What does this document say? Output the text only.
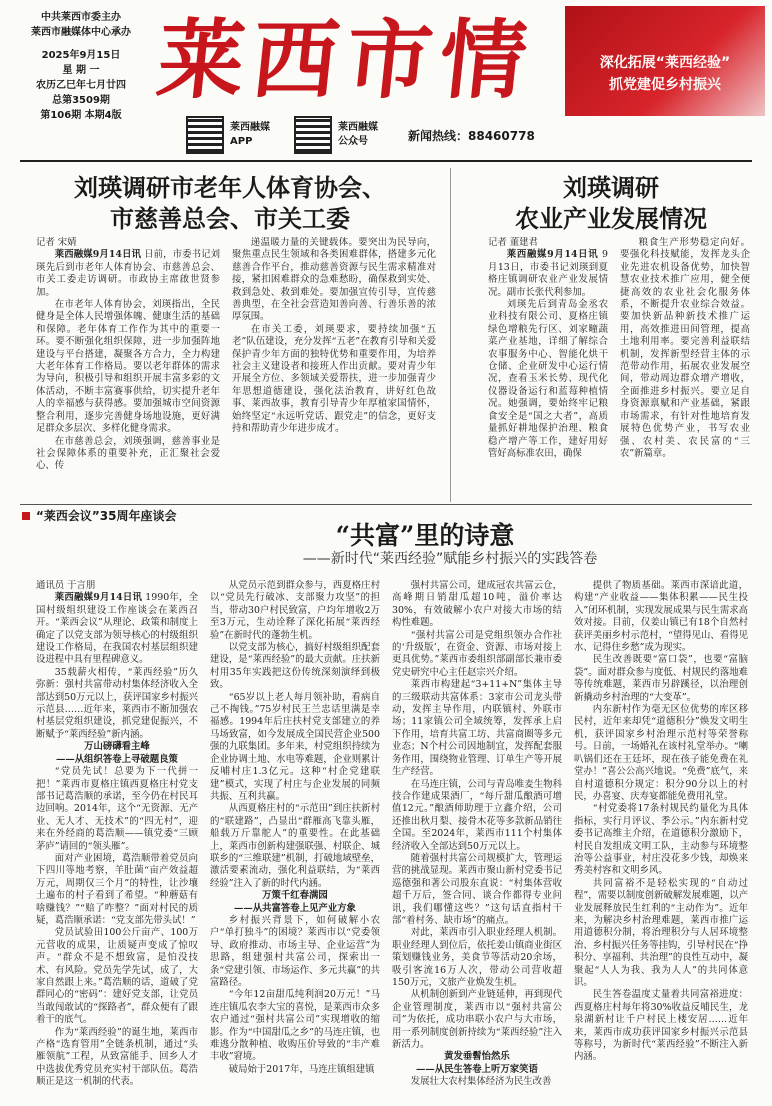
中共莱西市委主办
莱西市融媒体中心承办
2025年9月15日
星 期 一
农历乙巳年七月廿四
总第3509期
第106期 本期4版
莱西市情	深化拓展“莱西经验”
抓党建促乡村振兴
莱西融媒
APP
莱西融媒
公众号	新闻热线：88460778
刘瑛调研市老年人体育协会、
市慈善总会、市关工委

记者 宋婧

莱西融媒9月14日讯 日前，市委书记刘瑛先后到市老年人体育协会、市慈善总会、市关工委走访调研。市政协主席啟世贤参加。

在市老年人体育协会，刘瑛指出，全民健身是全体人民增强体魄、健康生活的基础和保障。老年体育工作作为其中的重要一环。要不断强化组织保障，进一步加强阵地建设与平台搭建，凝聚各方合力，全力构建大老年体育工作格局。要以老年群体的需求为导向，积极引导和组织开展丰富多彩的文体活动，不断丰富赛事供给，切实提升老年人的幸福感与获得感。要加强城市空间资源整合利用，逐步完善健身场地设施，更好满足群众多层次、多样化健身需求。

在市慈善总会，刘瑛强调，慈善事业是社会保障体系的重要补充，正汇聚社会爱心、传

递温暖力量的关键载体。要突出为民导向，聚焦重点民生领域和各类困难群体，搭建多元化慈善合作平台，推动慈善资源与民生需求精准对接，紧扣困难群众的急难愁盼，确保救到实处、救到急处、救到难处。要加强宣传引导，宣传慈善典型，在全社会营造知善向善、行善乐善的浓厚氛围。

在市关工委，刘瑛要求，要持续加强“五老”队伍建设，充分发挥“五老”在教育引导和关爱保护青少年方面的独特优势和重要作用，为培养社会主义建设者和接班人作出贡献。要对青少年开展全方位、多领域关爱帮扶，进一步加强青少年思想道德建设，强化法治教育，讲好红色故事、莱西故事，教育引导青少年厚植家国情怀，始终坚定“永远听党话、跟党走”的信念，更好支持和帮助青少年进步成才。

刘瑛调研
农业产业发展情况

记者 董建君

莱西融媒9月14日讯 9月13日，市委书记刘瑛到夏格庄镇调研农业产业发展情况。副市长张代利参加。

刘瑛先后到青岛金丞农业科技有限公司、夏格庄镇绿色增粮先行区、刘家疃蔬菜产业基地，详细了解综合农事服务中心、智能化烘干仓储、企业研发中心运行情况，查看玉米长势、现代化仪器设备运行和蓝莓种植情况。她强调，要始终牢记粮食安全是“国之大者”，高质量抓好耕地保护治理、粮食稳产增产等工作，建好用好管好高标准农田，确保

粮食生产形势稳定向好。要强化科技赋能，发挥龙头企业先进农机设备优势，加快智慧农业技术推广应用，健全便捷高效的农业社会化服务体系，不断提升农业综合效益。要加快新品种新技术推广运用，高效推进田间管理，提高土地利用率。要完善利益联结机制，发挥新型经营主体的示范带动作用，拓展农业发展空间，带动周边群众增产增收，全面推进乡村振兴。要立足自身资源禀赋和产业基础，紧跟市场需求，有针对性地培育发展特色优势产业，书写农业强、农村美、农民富的“三农”新篇章。

“莱西会议”35周年座谈会
“共富”里的诗意
——新时代“莱西经验”赋能乡村振兴的实践答卷

通讯员 于言朋

莱西融媒9月14日讯 1990年，全国村级组织建设工作座谈会在莱西召开。“莱西会议”从理论、政策和制度上确定了以党支部为领导核心的村级组织建设工作格局，在我国农村基层组织建设进程中具有里程碑意义。

35载薪火相传，“莱西经验”历久弥新：强村共富带动村集体经济收入全部达到50万元以上，获评国家乡村振兴示范县……近年来，莱西市不断加强农村基层党组织建设，抓党建促振兴，不断赋予“莱西经验”新内涵。

万山磅礴看主峰

——从组织答卷上寻破题良策

“党员先试！总要为下一代拼一把！”莱西市夏格庄镇西夏格庄村党支部书记葛浩顺的承诺，至今仍在村民耳边回响。2014年，这个“无资源、无产业、无人才、无技术”的“四无村”，迎来在外经商的葛浩顺——镇党委“三顾茅庐”请回的“领头雁”。

面对产业困境，葛浩顺带着党员向下四川等地考察，羊肚菌“亩产效益超万元，周期仅三个月”的特性，让沙壤土遍布的村子看到了希望。“种蘑菇有啥赚钱？”“赔了咋整？”面对村民的质疑，葛浩顺承诺：“党支部先带头试！”

党员试验田100公斤亩产、100万元营收的成果，让质疑声变成了惊叹声。“群众不是不想致富，是怕没技术、有风险。党员先学先试，成了，大家自然跟上来。”葛浩顺的话，道破了党群同心的“密码”：建好党支部，让党员当敢闯敢试的“探路者”，群众便有了跟着干的底气。

作为“莱西经验”的诞生地，莱西市产格“选育管用”全链条机制，通过“头雁领航”工程，从致富能手、回乡人才中选拔优秀党员充实村干部队伍。葛浩顺正是这一机制的代表。

从党员示范到群众参与，西夏格庄村以“党员先行破冰、支部聚力攻坚”的担当，带动30户村民致富，户均年增收2万至3万元，生动诠释了深化拓展“莱西经验”在新时代的蓬勃生机。

以党支部为核心，搞好村级组织配套建设，是“莱西经验”的最大贡献。庄扶新村用35年实践把这份传统深刻演绎到极致。

“65岁以上老人每月领补助，看病自己不掏钱。”75岁村民王兰忠话里满是幸福感。1994年后庄扶村党支部建立的养马场致富，如今发展成全国民营企业500强的九联集团。多年来，村党组织持续为企业协调土地、水电等难题，企业则累计反哺村庄1.3亿元。这种“村企党建联建”模式，实现了村庄与企业发展的同频共振、互利共赢。

从西夏格庄村的“示范田”到庄扶新村的“联建路”，凸显出“群雁高飞靠头雁，船载万斤靠舵人”的重要性。在此基础上，莱西市创新构建强联强、村联企、城联乡的“三维联建”机制，打破地域壁垒，激活要素流动，强化利益联结，为“莱西经验”注入了新的时代内涵。

万策千红春满园

——从共富答卷上见产业方象

乡村振兴背景下，如何破解小农户“单打独斗”的困境？莱西市以“党委领导、政府推动、市场主导、企业运营”为思路，组建强村共富公司，探索出一条“党建引领、市场运作、多元共赢”的共富路径。

“今年12亩甜瓜纯利润20万元！”马连庄镇瓜农李大宝的喜悦，是莱西市众多农户通过“强村共富公司”实现增收的缩影。作为“中国甜瓜之乡”的马连庄镇，也难逃分散种植、收购压价导致的“丰产难丰收”窘境。

破局始于2017年，马连庄镇组建镇

强村共富公司，建成冠农共富云仓，高峰期日销甜瓜超10吨，溢价率达30%，有效破解小农户对接大市场的结构性难题。

“强村共富公司是党组织领办合作社的‘升级版’，在资金、资源、市场对接上更具优势。”莱西市委组织部副部长兼市委党史研究中心主任赵宗兴介绍。

莱西市构建起“3+11+N”集体主导的三级联动共富体系：3家市公司龙头带动，发挥主导作用，内联镇村、外联市场；11家镇公司全域统筹，发挥承上启下作用，培育共富工坊、共富商圈等多元业态；N个村公司因地制宜，发挥配套服务作用，围绕物业管理、订单生产等开展生产经营。

在马连庄镇，公司与青岛唯麦生物科技合作建成果酒厂，“每斤甜瓜酿酒可增值12元。”酿酒师助理于立鑫介绍，公司还推出秋月梨、接骨木花等多款新品销往全国。至2024年，莱西市111个村集体经济收入全部达到50万元以上。

随着强村共富公司规模扩大，管理运营的挑战显现。莱西市聚山新村党委书记巡德强和著公司股东直说：“村集体营收超千万后，签合同、谈合作都得专业问讯，我们哪懂这些？”这句话直指村干部“着村务、缺市场”的痛点。

对此，莱西市引入职业经理人机制。职业经理人到位后，依托姜山镇商业街区策划赚钱业务，美食节等活动20余场，吸引客流16万人次，带动公司营收超150万元，文旅产业焕发生机。

从机制创新到产业链延伸，再到现代企业管理制度，莱西市以“强村共富公司”为依托，成功串联小农户与大市场，用一系列制度创新持续为“莱西经验”注入新活力。

黄发垂髫怡然乐

——从民生答卷上听万家笑语

发展壮大农村集体经济为民生改善

提供了物质基础。莱西市深谙此道，构建“产业收益——集体积累——民生投入”闭环机制，实现发展成果与民生需求高效对接。目前，仅姜山镇已有18个自然村获评美丽乡村示范村，“望得见山、看得见水、记得住乡愁”成为现实。

民生改善既要“富口袋”，也要“富脑袋”。面对群众参与度低、村规民约落地难等传统难题，莱西市另辟蹊径，以治理创新撬动乡村治理的“大变革”。

内东新村作为毫无区位优势的库区移民村，近年来却凭“道德积分”焕发文明生机，获评国家乡村治理示范村等荣誉称号。日前，一场婚礼在该村礼堂举办。“喇叭锅们还在王廷坏，现在孩子能免费在礼堂办！”喜公公高兴地说。“免费”底气，来自村道德积分规定：积分90分以上的村民，办喜宴、庆寿宴都能免费用礼堂。

“村党委将17条村规民约量化为具体指标，实行月评议、季公示。”内东新村党委书记高维主介绍，在道德积分激励下，村民自发组成文明工队，主动参与环境整治等公益事业，村庄没花多少钱，却焕来秀美村容和文明乡风。

共同富裕不是轻松实现的“自动过程”，需要以制度创新破解发展难题，以产业发展释放民生红利的“主动作为”。近年来，为解决乡村治理难题，莱西市推广运用道德积分制，将治理积分与人居环境整治、乡村振兴任务等挂钩，引导村民在“挣积分、享福利、共治理”的良性互动中，凝聚起“人人为我、我为人人”的共同体意识。

民生答卷温度丈量着共同富裕进度：西夏格庄村每年将30%收益反哺民生，龙泉湖新村让千户村民上楼安居……近年来，莱西市成功获评国家乡村振兴示范县等称号，为新时代“莱西经验”不断注入新内涵。
